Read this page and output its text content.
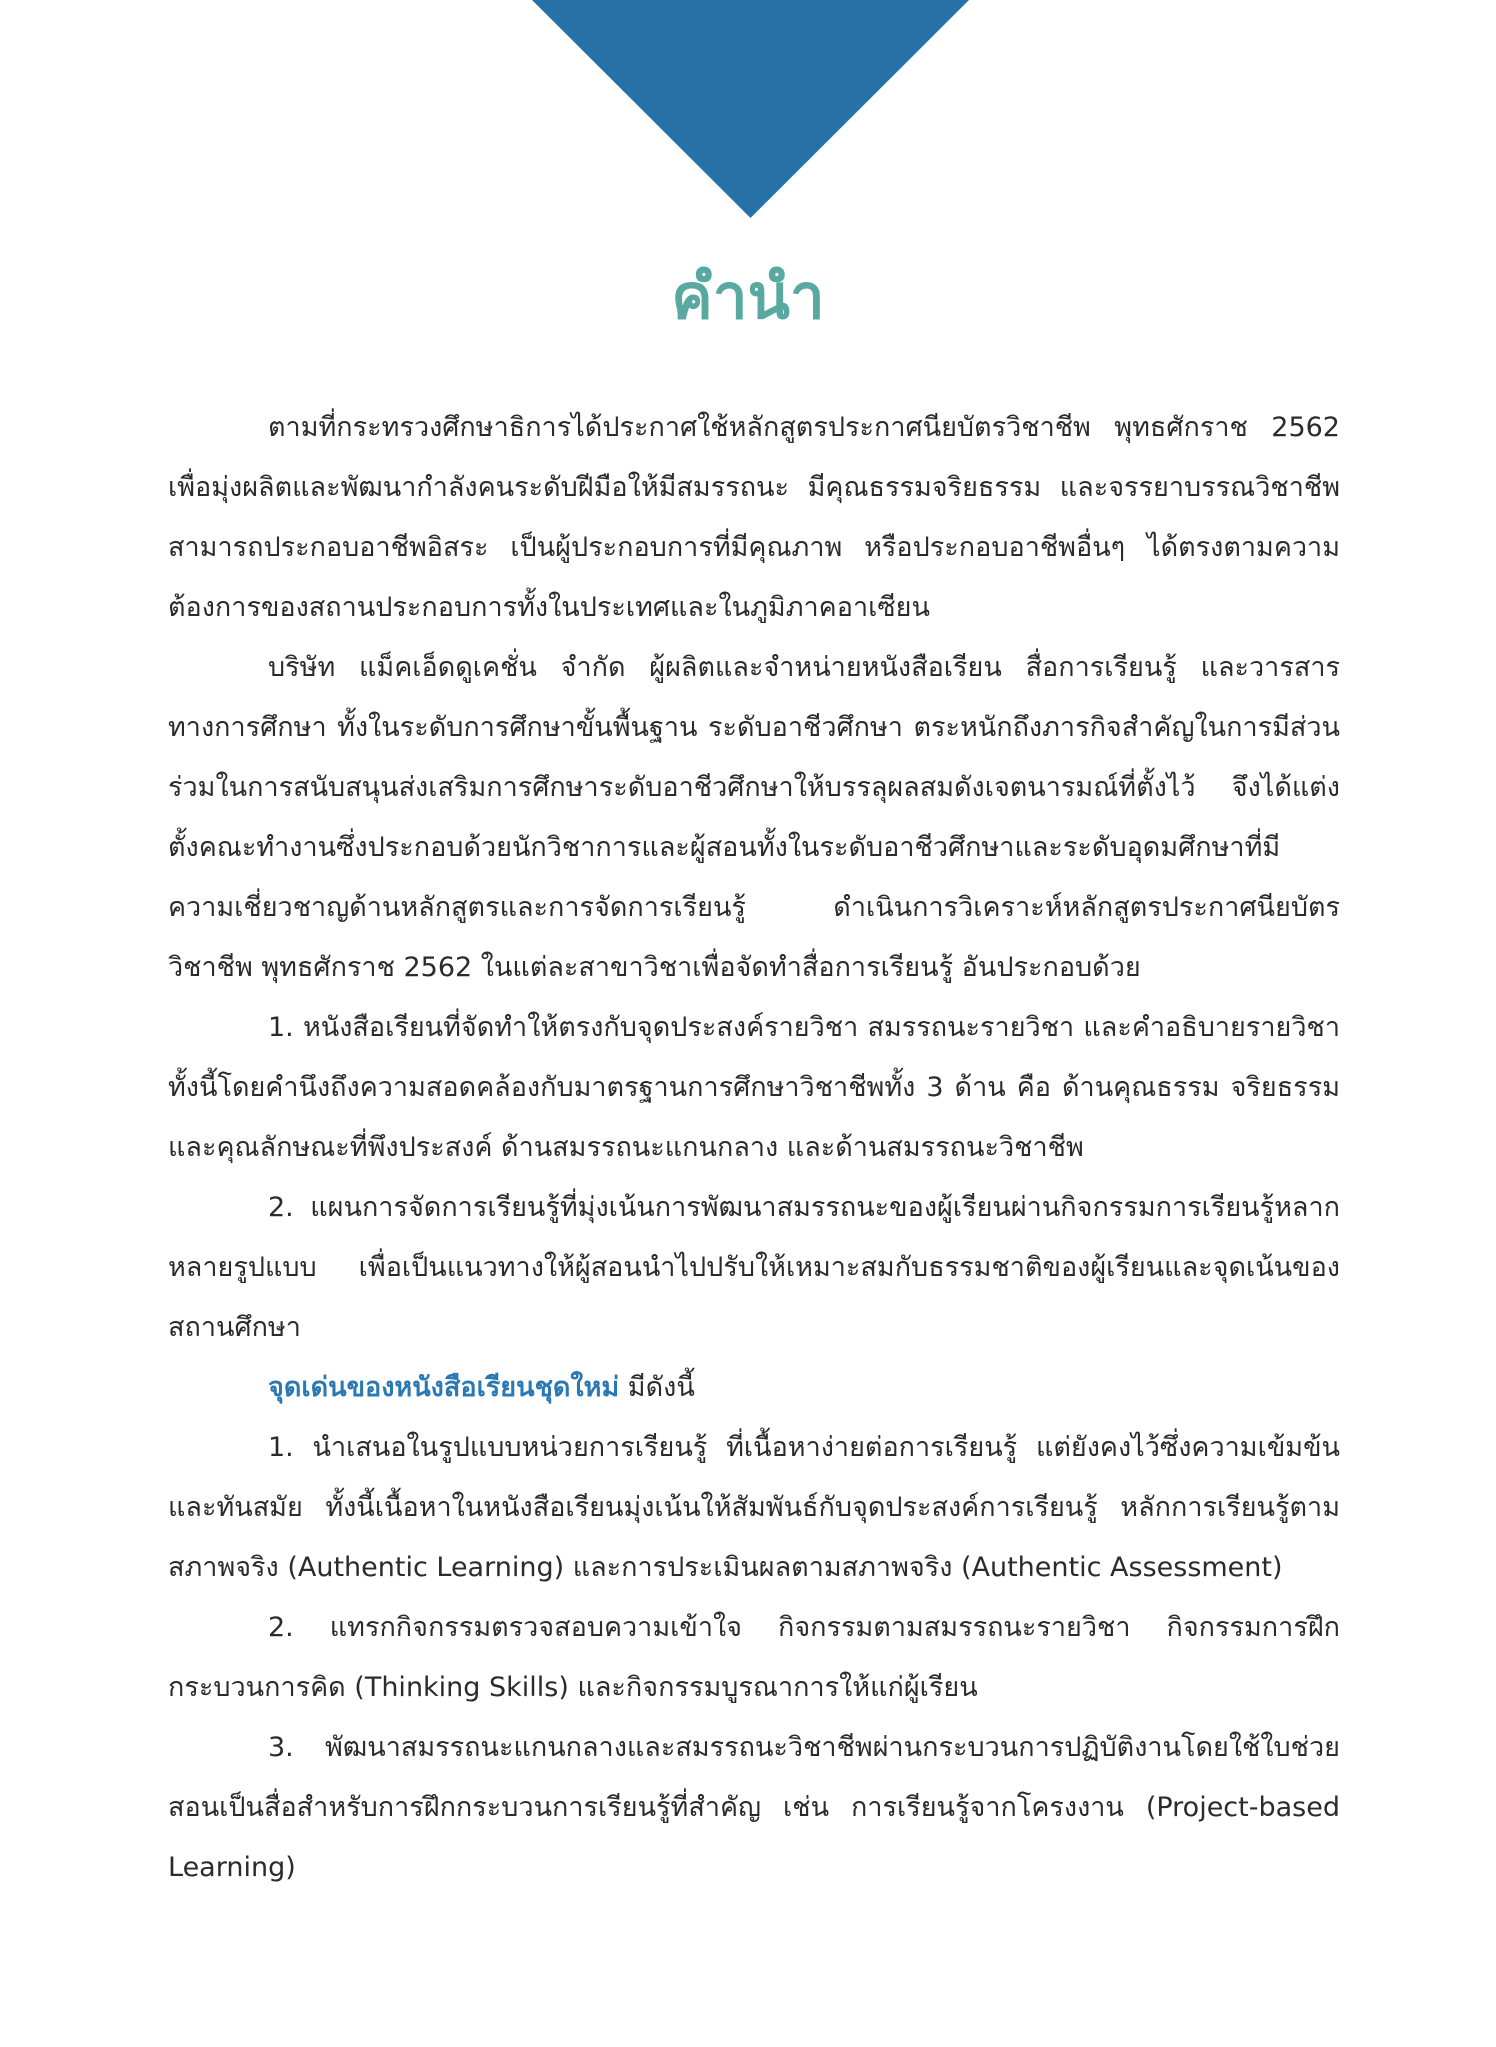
คำนำ

ตามที่กระทรวงศึกษาธิการได้ประกาศใช้หลักสูตรประกาศนียบัตรวิชาชีพ พุทธศักราช 2562 เพื่อมุ่งผลิตและพัฒนากำลังคนระดับฝีมือให้มีสมรรถนะ มีคุณธรรมจริยธรรม และจรรยาบรรณวิชาชีพ สามารถประกอบอาชีพอิสระ เป็นผู้ประกอบการที่มีคุณภาพ หรือประกอบอาชีพอื่นๆ ได้ตรงตามความต้องการของสถานประกอบการทั้งในประเทศและในภูมิภาคอาเซียน

บริษัท แม็คเอ็ดดูเคชั่น จำกัด ผู้ผลิตและจำหน่ายหนังสือเรียน สื่อการเรียนรู้ และวารสารทางการศึกษา ทั้งในระดับการศึกษาขั้นพื้นฐาน ระดับอาชีวศึกษา ตระหนักถึงภารกิจสำคัญในการมีส่วนร่วมในการสนับสนุนส่งเสริมการศึกษาระดับอาชีวศึกษาให้บรรลุผลสมดังเจตนารมณ์ที่ตั้งไว้ จึงได้แต่งตั้งคณะทำงานซึ่งประกอบด้วยนักวิชาการและผู้สอนทั้งในระดับอาชีวศึกษาและระดับอุดมศึกษาที่มีความเชี่ยวชาญด้านหลักสูตรและการจัดการเรียนรู้ ดำเนินการวิเคราะห์หลักสูตรประกาศนียบัตรวิชาชีพ พุทธศักราช 2562 ในแต่ละสาขาวิชาเพื่อจัดทำสื่อการเรียนรู้ อันประกอบด้วย

1. หนังสือเรียนที่จัดทำให้ตรงกับจุดประสงค์รายวิชา สมรรถนะรายวิชา และคำอธิบายรายวิชา ทั้งนี้โดยคำนึงถึงความสอดคล้องกับมาตรฐานการศึกษาวิชาชีพทั้ง 3 ด้าน คือ ด้านคุณธรรม จริยธรรมและคุณลักษณะที่พึงประสงค์ ด้านสมรรถนะแกนกลาง และด้านสมรรถนะวิชาชีพ

2. แผนการจัดการเรียนรู้ที่มุ่งเน้นการพัฒนาสมรรถนะของผู้เรียนผ่านกิจกรรมการเรียนรู้หลากหลายรูปแบบ เพื่อเป็นแนวทางให้ผู้สอนนำไปปรับให้เหมาะสมกับธรรมชาติของผู้เรียนและจุดเน้นของสถานศึกษา

จุดเด่นของหนังสือเรียนชุดใหม่ มีดังนี้

1. นำเสนอในรูปแบบหน่วยการเรียนรู้ ที่เนื้อหาง่ายต่อการเรียนรู้ แต่ยังคงไว้ซึ่งความเข้มข้นและทันสมัย ทั้งนี้เนื้อหาในหนังสือเรียนมุ่งเน้นให้สัมพันธ์กับจุดประสงค์การเรียนรู้ หลักการเรียนรู้ตามสภาพจริง (Authentic Learning) และการประเมินผลตามสภาพจริง (Authentic Assessment)

2. แทรกกิจกรรมตรวจสอบความเข้าใจ กิจกรรมตามสมรรถนะรายวิชา กิจกรรมการฝึกกระบวนการคิด (Thinking Skills) และกิจกรรมบูรณาการให้แก่ผู้เรียน

3. พัฒนาสมรรถนะแกนกลางและสมรรถนะวิชาชีพผ่านกระบวนการปฏิบัติงานโดยใช้ใบช่วยสอนเป็นสื่อสำหรับการฝึกกระบวนการเรียนรู้ที่สำคัญ เช่น การเรียนรู้จากโครงงาน (Project-based Learning)
